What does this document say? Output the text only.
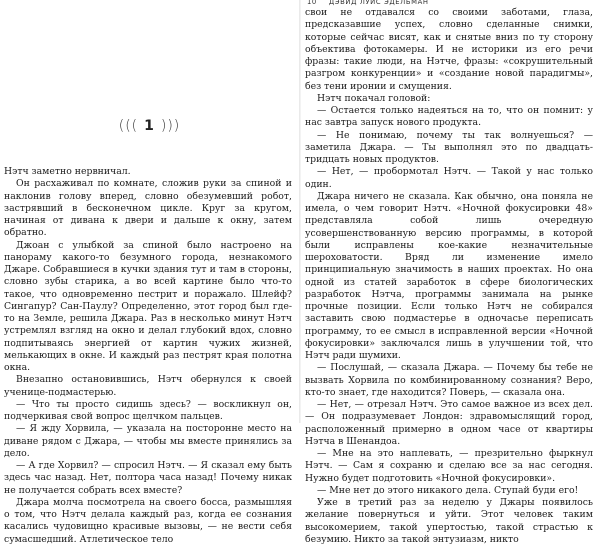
((( 1 )))

Нэтч заметно нервничал.

Он расхаживал по комнате, сложив руки за спиной и наклонив голову вперед, словно обезумевший робот, застрявший в бесконечном цикле. Круг за кругом, начиная от дивана к двери и дальше к окну, затем обратно.

Джоан с улыбкой за спиной было настроено на панораму какого-то безумного города, незнакомого Джаре. Собравшиеся в кучки здания тут и там в стороны, словно зубы старика, а во всей картине было что-то такое, что одновременно пестрит и поражало. Шлейф? Сингапур? Сан-Паулу? Определенно, этот город был где-то на Земле, решила Джара. Раз в несколько минут Нэтч устремлял взгляд на окно и делал глубокий вдох, словно подпитываясь энергией от картин чужих жизней, мелькающих в окне. И каждый раз пестрят края полотна окна.

Внезапно остановившись, Нэтч обернулся к своей ученице-подмастерью.

— Что ты просто сидишь здесь? — воскликнул он, подчеркивая свой вопрос щелчком пальцев.

— Я жду Хорвила, — указала на посторонне место на диване рядом с Джара, — чтобы мы вместе принялись за дело.

— А где Хорвил? — спросил Нэтч. — Я сказал ему быть здесь час назад. Нет, полтора часа назад! Почему никак не получается собрать всех вместе?

Джара молча посмотрела на своего босса, размышляя о том, что Нэтч делала каждый раз, когда ее сознания касались чудовищно красивые вызовы, — не вести себя сумасшедший. Атлетическое тело

10 ДЭВИД ЛУИС ЭДЕЛЬМАН

свои не отдавался со своими заботами, глаза, предсказавшие успех, словно сделанные снимки, которые сейчас висят, как и снятые вниз по ту сторону объектива фотокамеры. И не историки из его речи фразы: такие люди, на Нэтче, фразы: «сокрушительный разгром конкуренции» и «создание новой парадигмы», без тени иронии и смущения.

Нэтч покачал головой:

— Остается только надеяться на то, что он помнит: у нас завтра запуск нового продукта.

— Не понимаю, почему ты так волнуешься? — заметила Джара. — Ты выполнял это по двадцать-тридцать новых продуктов.

— Нет, — пробормотал Нэтч. — Такой у нас только один.

Джара ничего не сказала. Как обычно, она поняла не имела, о чем говорит Нэтч. «Ночной фокусировки 48» представляла собой лишь очередную усовершенствованную версию программы, в которой были исправлены кое-какие незначительные шероховатости. Вряд ли изменение имело принципиальную значимость в наших проектах. Но она одной из статей заработок в сфере биологических разработок Нэтча, программы занимала на рынке прочные позиции. Если только Нэтч не собирался заставить свою подмастерье в одночасье переписать программу, то ее смысл в исправленной версии «Ночной фокусировки» заключался лишь в улучшении той, что Нэтч ради шумихи.

— Послушай, — сказала Джара. — Почему бы тебе не вызвать Хорвила по комбинированному сознания? Веро, кто-то знает, где находится? Поверь, — сказала она.

— Нет, — отрезал Нэтч. Это самое важное из всех дел. — Он подразумевает Лондон: здравомыслящий город, расположенный примерно в одном часе от квартиры Нэтча в Шенандоа.

— Мне на это наплевать, — презрительно фыркнул Нэтч. — Сам я сохраню и сделаю все за нас сегодня. Нужно будет подготовить «Ночной фокусировки».

— Мне нет до этого никакого дела. Ступай буди его!

Уже в третий раз за неделю у Джары появилось желание повернуться и уйти. Этот человек таким высокомерием, такой упертостью, такой страстью к безумию. Никто за такой энтузиазм, никто
